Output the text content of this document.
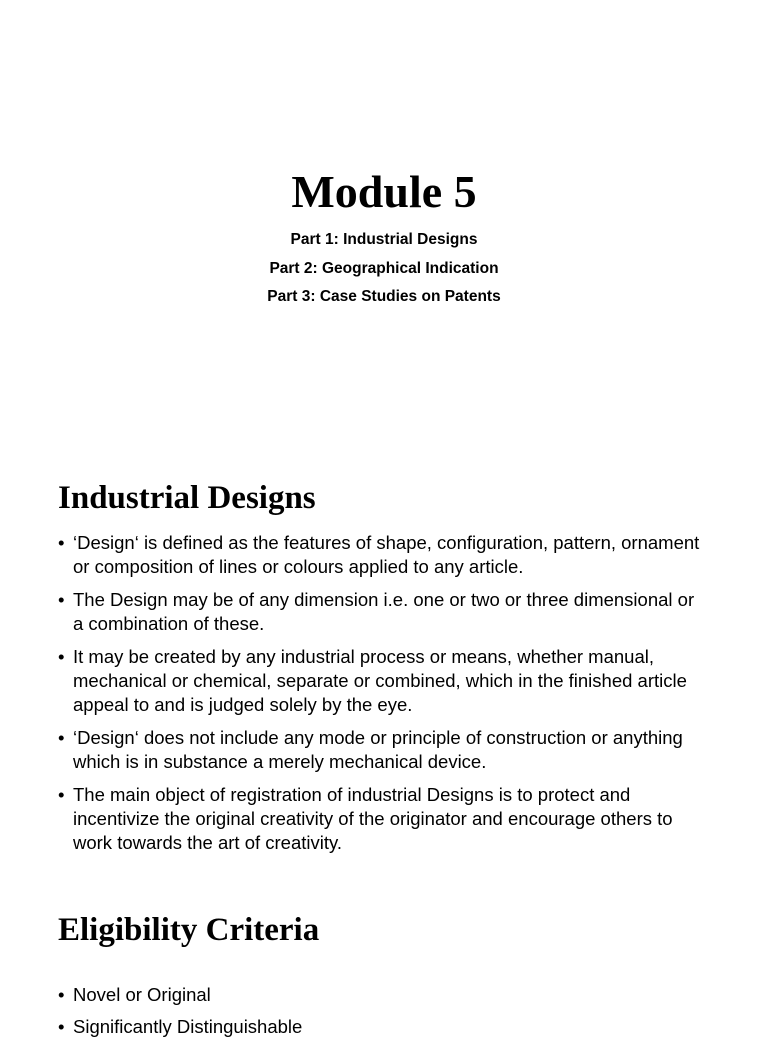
Module 5
Part 1: Industrial Designs
Part 2: Geographical Indication
Part 3: Case Studies on Patents
Industrial Designs
• ‘Design‘ is defined as the features of shape, configuration, pattern, ornament or composition of lines or colours applied to any article.
• The Design may be of any dimension i.e. one or two or three dimensional or a combination of these.
• It may be created by any industrial process or means, whether manual, mechanical or chemical, separate or combined, which in the finished article appeal to and is judged solely by the eye.
• ‘Design‘ does not include any mode or principle of construction or anything which is in substance a merely mechanical device.
• The main object of registration of industrial Designs is to protect and incentivize the original creativity of the originator and encourage others to work towards the art of creativity.
Eligibility Criteria
• Novel or Original
• Significantly Distinguishable
